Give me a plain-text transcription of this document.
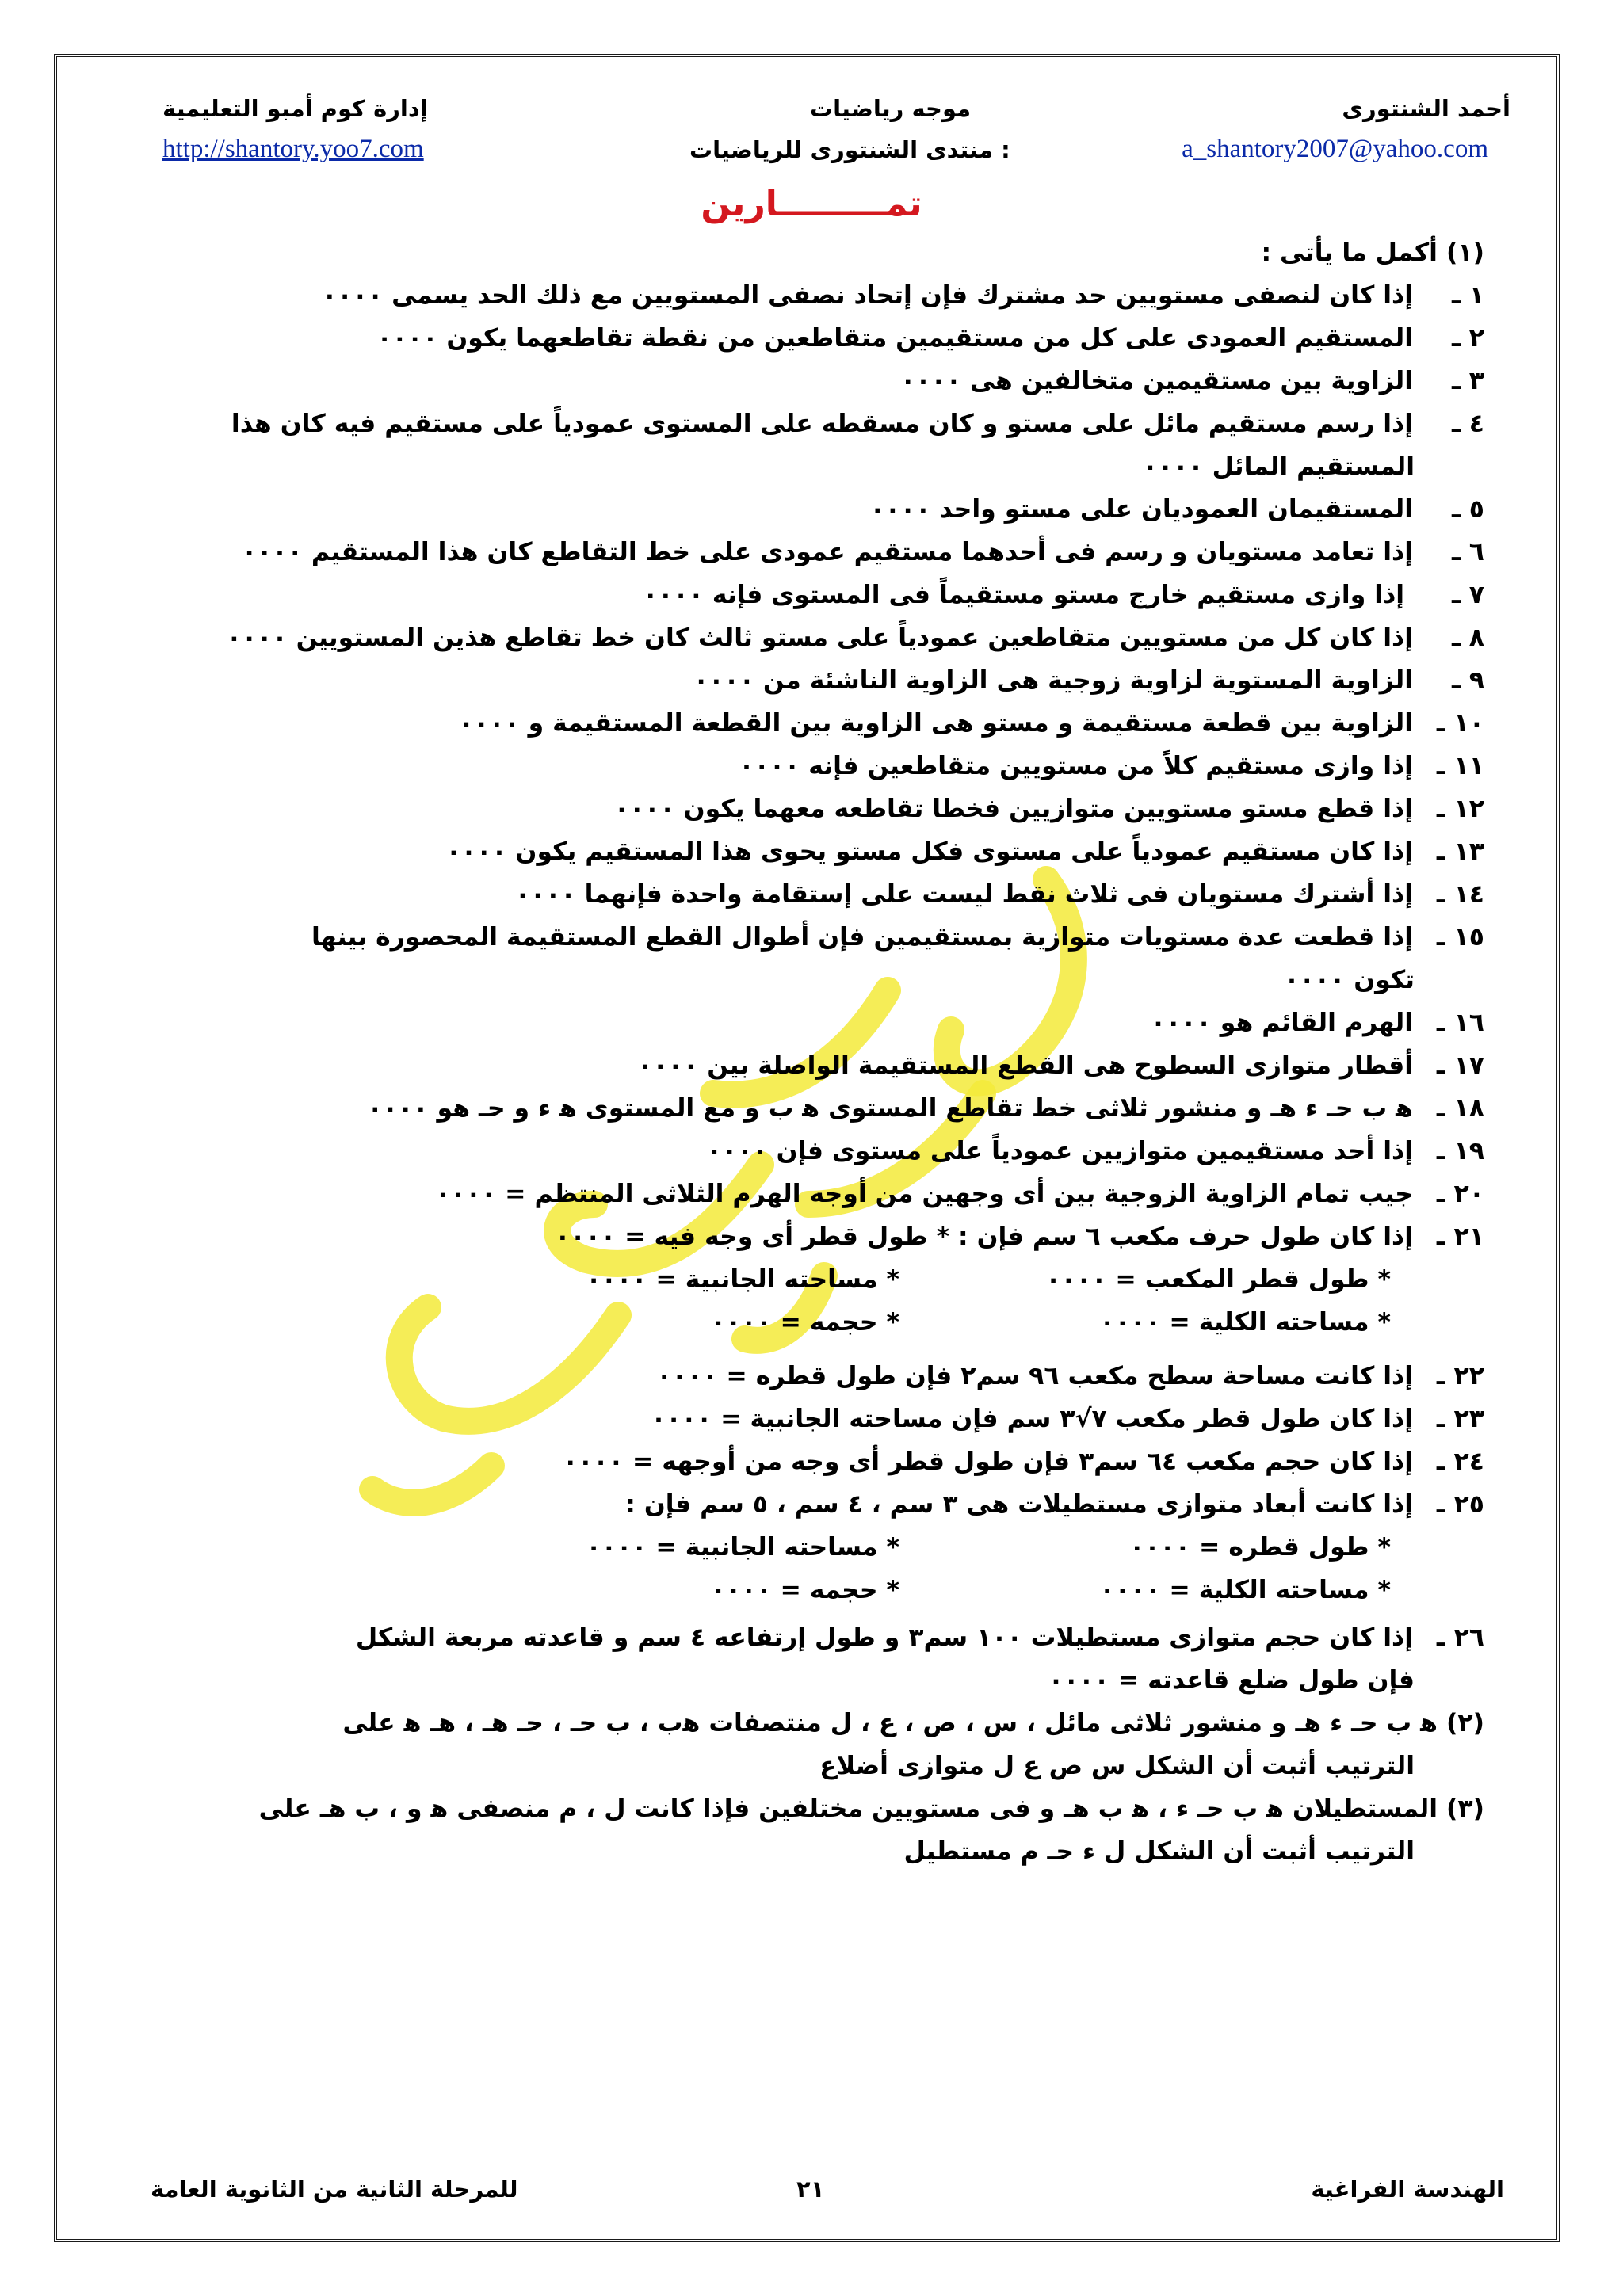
أحمد الشنتورى
موجه رياضيات
إدارة كوم أمبو التعليمية
a_shantory2007@yahoo.com
منتدى الشنتورى للرياضيات :
http://shantory.yoo7.com
تمـــــــــارين
(١) أكمل ما يأتى :
١ ـإذا كان لنصفى مستويين حد مشترك فإن إتحاد نصفى المستويين مع ذلك الحد يسمى ٠٠٠٠
٢ ـالمستقيم العمودى على كل من مستقيمين متقاطعين من نقطة تقاطعهما يكون ٠٠٠٠
٣ ـالزاوية بين مستقيمين متخالفين هى ٠٠٠٠
٤ ـإذا رسم مستقيم مائل على مستو و كان مسقطه على المستوى عمودياً على مستقيم فيه كان هذا
المستقيم المائل ٠٠٠٠
٥ ـالمستقيمان العموديان على مستو واحد ٠٠٠٠
٦ ـإذا تعامد مستويان و رسم فى أحدهما مستقيم عمودى على خط التقاطع كان هذا المستقيم ٠٠٠٠
٧ ـ إذا وازى مستقيم خارج مستو مستقيماً فى المستوى فإنه ٠٠٠٠
٨ ـإذا كان كل من مستويين متقاطعين عمودياً على مستو ثالث كان خط تقاطع هذين المستويين ٠٠٠٠
٩ ـالزاوية المستوية لزاوية زوجية هى الزاوية الناشئة من ٠٠٠٠
١٠ ـالزاوية بين قطعة مستقيمة و مستو هى الزاوية بين القطعة المستقيمة و ٠٠٠٠
١١ ـإذا وازى مستقيم كلاً من مستويين متقاطعين فإنه ٠٠٠٠
١٢ ـإذا قطع مستو مستويين متوازيين فخطا تقاطعه معهما يكون ٠٠٠٠
١٣ ـإذا كان مستقيم عمودياً على مستوى فكل مستو يحوى هذا المستقيم يكون ٠٠٠٠
١٤ ـإذا أشترك مستويان فى ثلاث نقط ليست على إستقامة واحدة فإنهما ٠٠٠٠
١٥ ـإذا قطعت عدة مستويات متوازية بمستقيمين فإن أطوال القطع المستقيمة المحصورة بينها
تكون ٠٠٠٠
١٦ ـالهرم القائم هو ٠٠٠٠
١٧ ـأقطار متوازى السطوح هى القطع المستقيمة الواصلة بين ٠٠٠٠
١٨ ـﻫ ب حـ ء هـ و منشور ثلاثى خط تقاطع المستوى ﻫ ب و مع المستوى ﻫ ء و حـ هو ٠٠٠٠
١٩ ـإذا أحد مستقيمين متوازيين عمودياً على مستوى فإن ٠٠٠٠
٢٠ ـجيب تمام الزاوية الزوجية بين أى وجهين من أوجه الهرم الثلاثى المنتظم = ٠٠٠٠
٢١ ـإذا كان طول حرف مكعب ٦ سم فإن : * طول قطر أى وجه فيه = ٠٠٠٠
* طول قطر المكعب = ٠٠٠٠
* مساحته الجانبية = ٠٠٠٠
* مساحته الكلية = ٠٠٠٠
* حجمه = ٠٠٠٠
٢٢ ـإذا كانت مساحة سطح مكعب ٩٦ سم٢ فإن طول قطره = ٠٠٠٠
٢٣ ـإذا كان طول قطر مكعب ٧√٣ سم فإن مساحته الجانبية = ٠٠٠٠
٢٤ ـإذا كان حجم مكعب ٦٤ سم٣ فإن طول قطر أى وجه من أوجهه = ٠٠٠٠
٢٥ ـإذا كانت أبعاد متوازى مستطيلات هى ٣ سم ، ٤ سم ، ٥ سم فإن :
* طول قطره = ٠٠٠٠
* مساحته الجانبية = ٠٠٠٠
* مساحته الكلية = ٠٠٠٠
* حجمه = ٠٠٠٠
٢٦ ـإذا كان حجم متوازى مستطيلات ١٠٠ سم٣ و طول إرتفاعه ٤ سم و قاعدته مربعة الشكل
فإن طول ضلع قاعدته = ٠٠٠٠
(٢) ﻫ ب حـ ء هـ و منشور ثلاثى مائل ، س ، ص ، ع ، ل منتصفات ﻫب ، ب حـ ، حـ هـ ، هـ ﻫ على
الترتيب أثبت أن الشكل س ص ع ل متوازى أضلاع
(٣) المستطيلان ﻫ ب حـ ء ، ﻫ ب هـ و فى مستويين مختلفين فإذا كانت ل ، م منصفى ﻫ و ، ب هـ على
الترتيب أثبت أن الشكل ل ء حـ م مستطيل
الهندسة الفراغية
٢١
للمرحلة الثانية من الثانوية العامة
